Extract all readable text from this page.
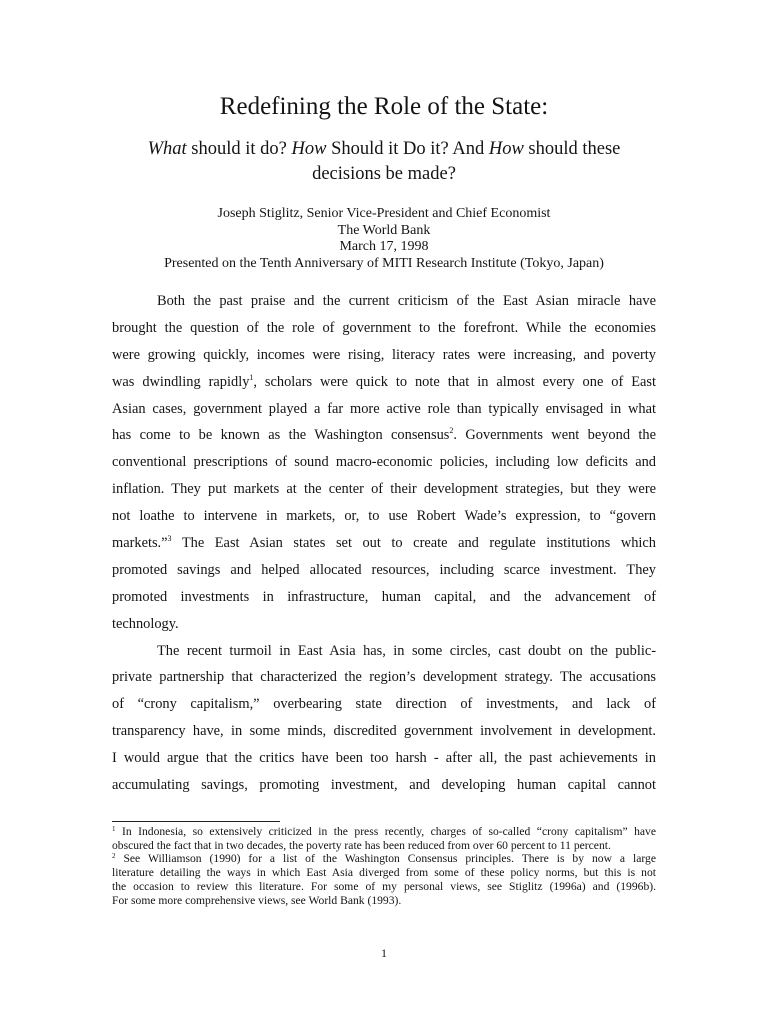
Redefining the Role of the State:
What should it do? How Should it Do it? And How should these
decisions be made?
Joseph Stiglitz, Senior Vice-President and Chief Economist
The World Bank
March 17, 1998
Presented on the Tenth Anniversary of MITI Research Institute (Tokyo, Japan)
Both the past praise and the current criticism of the East Asian miracle have
brought the question of the role of government to the forefront. While the economies
were growing quickly, incomes were rising, literacy rates were increasing, and poverty
was dwindling rapidly$^1$, scholars were quick to note that in almost every one of East
Asian cases, government played a far more active role than typically envisaged in what
has come to be known as the Washington consensus$^2$. Governments went beyond the
conventional prescriptions of sound macro-economic policies, including low deficits and
inflation. They put markets at the center of their development strategies, but they were
not loathe to intervene in markets, or, to use Robert Wade’s expression, to “govern
markets.”$^3$ The East Asian states set out to create and regulate institutions which
promoted savings and helped allocated resources, including scarce investment. They
promoted investments in infrastructure, human capital, and the advancement of
technology.
The recent turmoil in East Asia has, in some circles, cast doubt on the public-
private partnership that characterized the region’s development strategy. The accusations
of “crony capitalism,” overbearing state direction of investments, and lack of
transparency have, in some minds, discredited government involvement in development.
I would argue that the critics have been too harsh - after all, the past achievements in
accumulating savings, promoting investment, and developing human capital cannot
$^1$ In Indonesia, so extensively criticized in the press recently, charges of so-called “crony capitalism” have
obscured the fact that in two decades, the poverty rate has been reduced from over 60 percent to 11 percent.
$^2$ See Williamson (1990) for a list of the Washington Consensus principles. There is by now a large
literature detailing the ways in which East Asia diverged from some of these policy norms, but this is not
the occasion to review this literature. For some of my personal views, see Stiglitz (1996a) and (1996b).
For some more comprehensive views, see World Bank (1993).
1
